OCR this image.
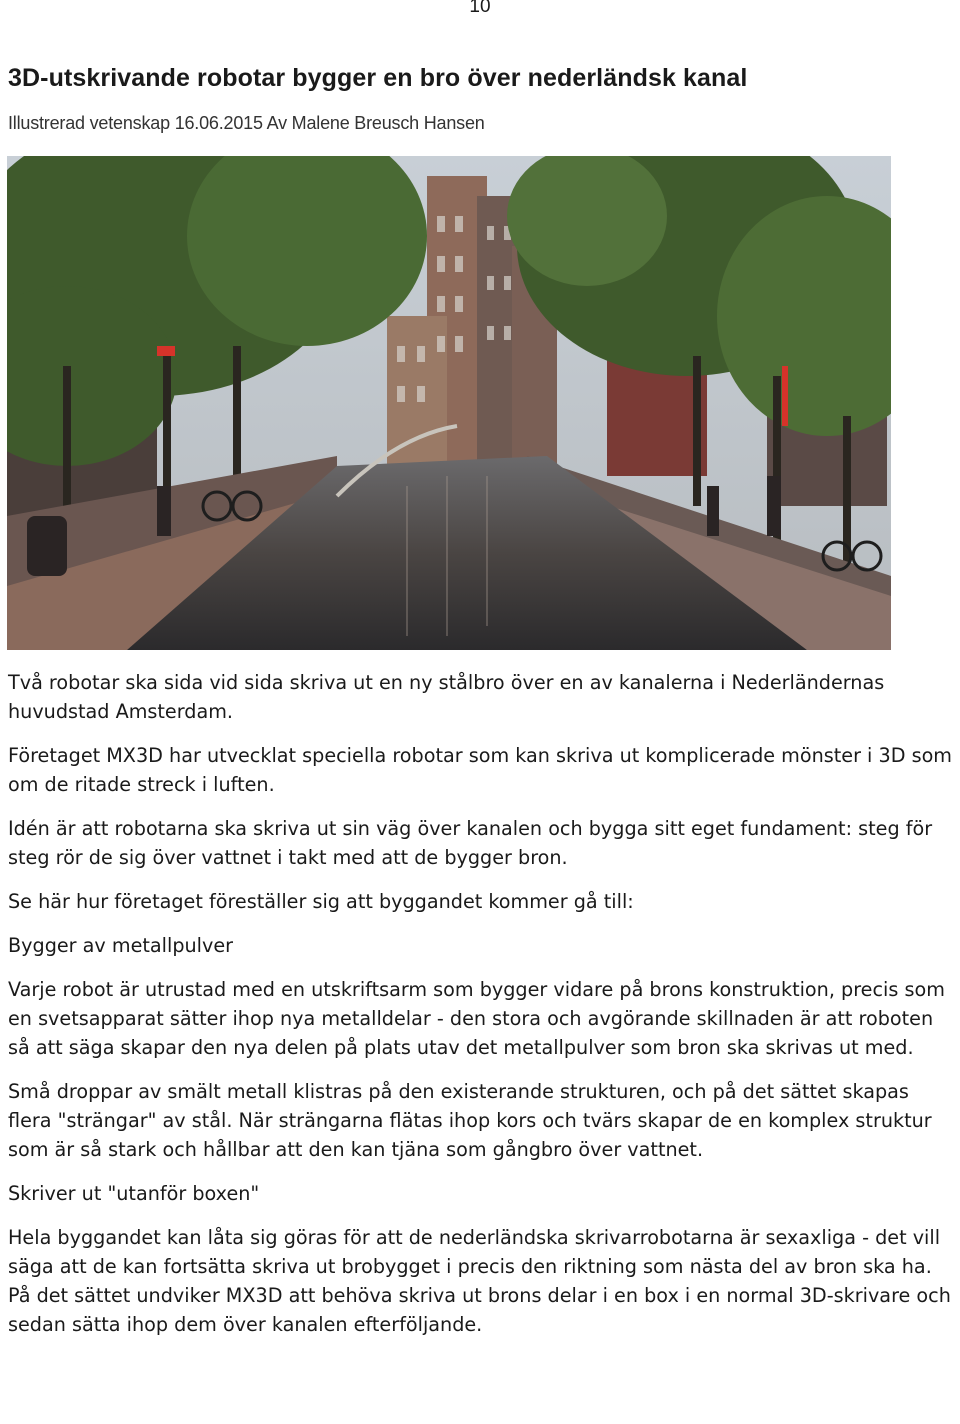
10
3D-utskrivande robotar bygger en bro över nederländsk kanal
Illustrerad vetenskap 16.06.2015 Av Malene Breusch Hansen

Två robotar ska sida vid sida skriva ut en ny stålbro över en av kanalerna i Nederländernas huvudstad Amsterdam.

Företaget MX3D har utvecklat speciella robotar som kan skriva ut komplicerade mönster i 3D som om de ritade streck i luften.

Idén är att robotarna ska skriva ut sin väg över kanalen och bygga sitt eget fundament: steg för steg rör de sig över vattnet i takt med att de bygger bron.

Se här hur företaget föreställer sig att byggandet kommer gå till:

Bygger av metallpulver

Varje robot är utrustad med en utskriftsarm som bygger vidare på brons konstruktion, precis som en svetsapparat sätter ihop nya metalldelar - den stora och avgörande skillnaden är att roboten så att säga skapar den nya delen på plats utav det metallpulver som bron ska skrivas ut med.

Små droppar av smält metall klistras på den existerande strukturen, och på det sättet skapas flera "strängar" av stål. När strängarna flätas ihop kors och tvärs skapar de en komplex struktur som är så stark och hållbar att den kan tjäna som gångbro över vattnet.

Skriver ut "utanför boxen"

Hela byggandet kan låta sig göras för att de nederländska skrivarrobotarna är sexaxliga - det vill säga att de kan fortsätta skriva ut brobygget i precis den riktning som nästa del av bron ska ha. På det sättet undviker MX3D att behöva skriva ut brons delar i en box i en normal 3D-skrivare och sedan sätta ihop dem över kanalen efterföljande.
